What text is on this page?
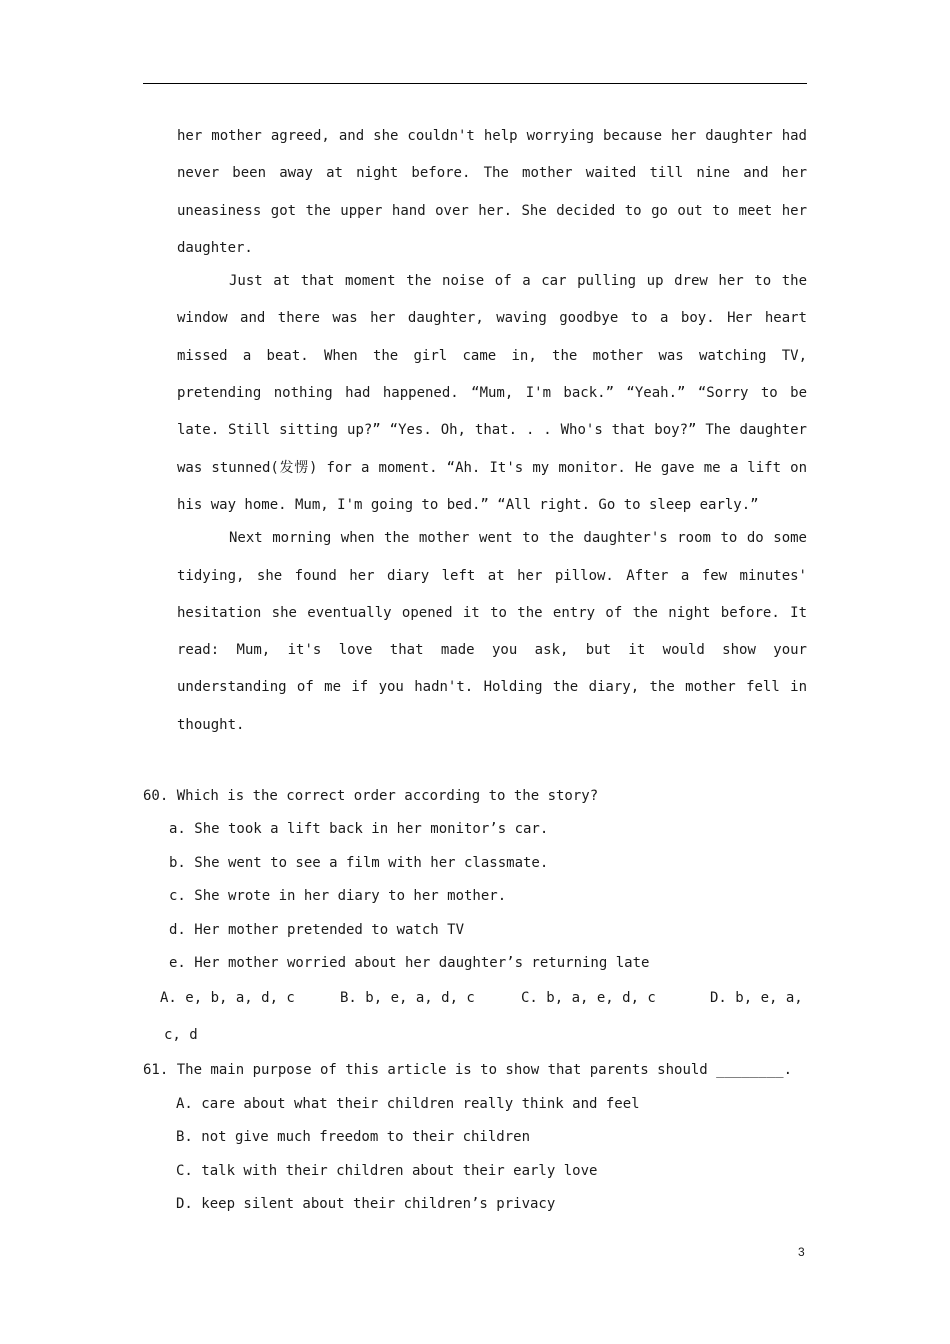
her mother agreed, and she couldn't help worrying because her daughter had never been away at night before. The mother waited till nine and her uneasiness got the upper hand over her. She decided to go out to meet her daughter.

Just at that moment the noise of a car pulling up drew her to the window and there was her daughter, waving goodbye to a boy. Her heart missed a beat. When the girl came in, the mother was watching TV, pretending nothing had happened. “Mum, I'm back.” “Yeah.” “Sorry to be late. Still sitting up?” “Yes. Oh, that. . . Who's that boy?” The daughter was stunned(发愣) for a moment. “Ah. It's my monitor. He gave me a lift on his way home. Mum, I'm going to bed.” “All right. Go to sleep early.”

Next morning when the mother went to the daughter's room to do some tidying, she found her diary left at her pillow. After a few minutes' hesitation she eventually opened it to the entry of the night before. It read: Mum, it's love that made you ask, but it would show your understanding of me if you hadn't. Holding the diary, the mother fell in thought.

60. Which is the correct order according to the story?

a. She took a lift back in her monitor’s car.
b. She went to see a film with her classmate.
c. She wrote in her diary to her mother.
d. Her mother pretended to watch TV
e. Her mother worried about her daughter’s returning late
A. e, b, a, d, c	B. b, e, a, d, c	C. b, a, e, d, c	D. b, e, a,
c, d

61. The main purpose of this article is to show that parents should ________.

A. care about what their children really think and feel
B. not give much freedom to their children
C. talk with their children about their early love
D. keep silent about their children’s privacy
3
